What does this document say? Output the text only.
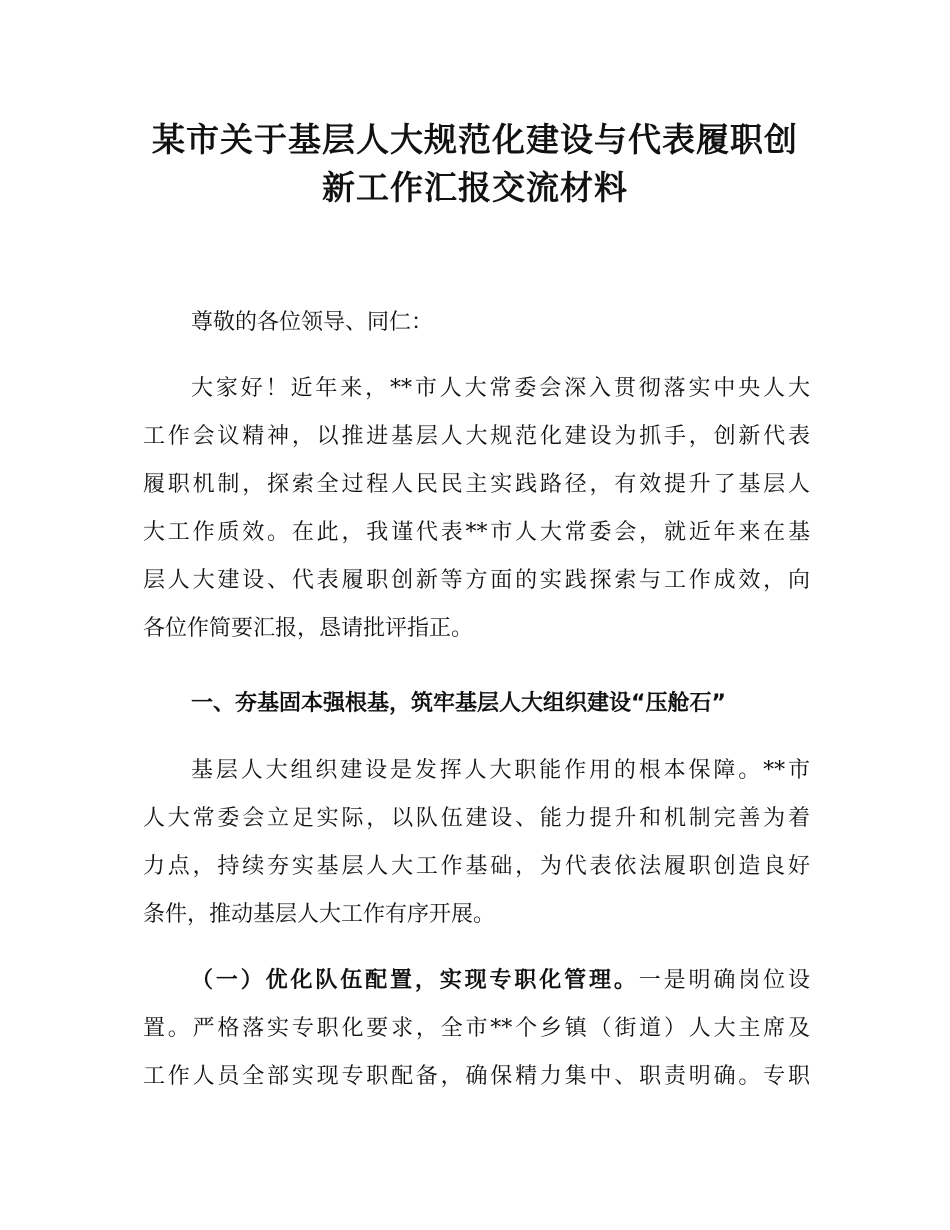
某市关于基层人大规范化建设与代表履职创
新工作汇报交流材料
尊敬的各位领导、同仁：
大家好！近年来，**市人大常委会深入贯彻落实中央人大
工作会议精神，以推进基层人大规范化建设为抓手，创新代表
履职机制，探索全过程人民民主实践路径，有效提升了基层人
大工作质效。在此，我谨代表**市人大常委会，就近年来在基
层人大建设、代表履职创新等方面的实践探索与工作成效，向
各位作简要汇报，恳请批评指正。
一、夯基固本强根基，筑牢基层人大组织建设“压舱石”
基层人大组织建设是发挥人大职能作用的根本保障。**市
人大常委会立足实际，以队伍建设、能力提升和机制完善为着
力点，持续夯实基层人大工作基础，为代表依法履职创造良好
条件，推动基层人大工作有序开展。
（一）优化队伍配置，实现专职化管理。一是明确岗位设
置。严格落实专职化要求，全市**个乡镇（街道）人大主席及
工作人员全部实现专职配备，确保精力集中、职责明确。专职
